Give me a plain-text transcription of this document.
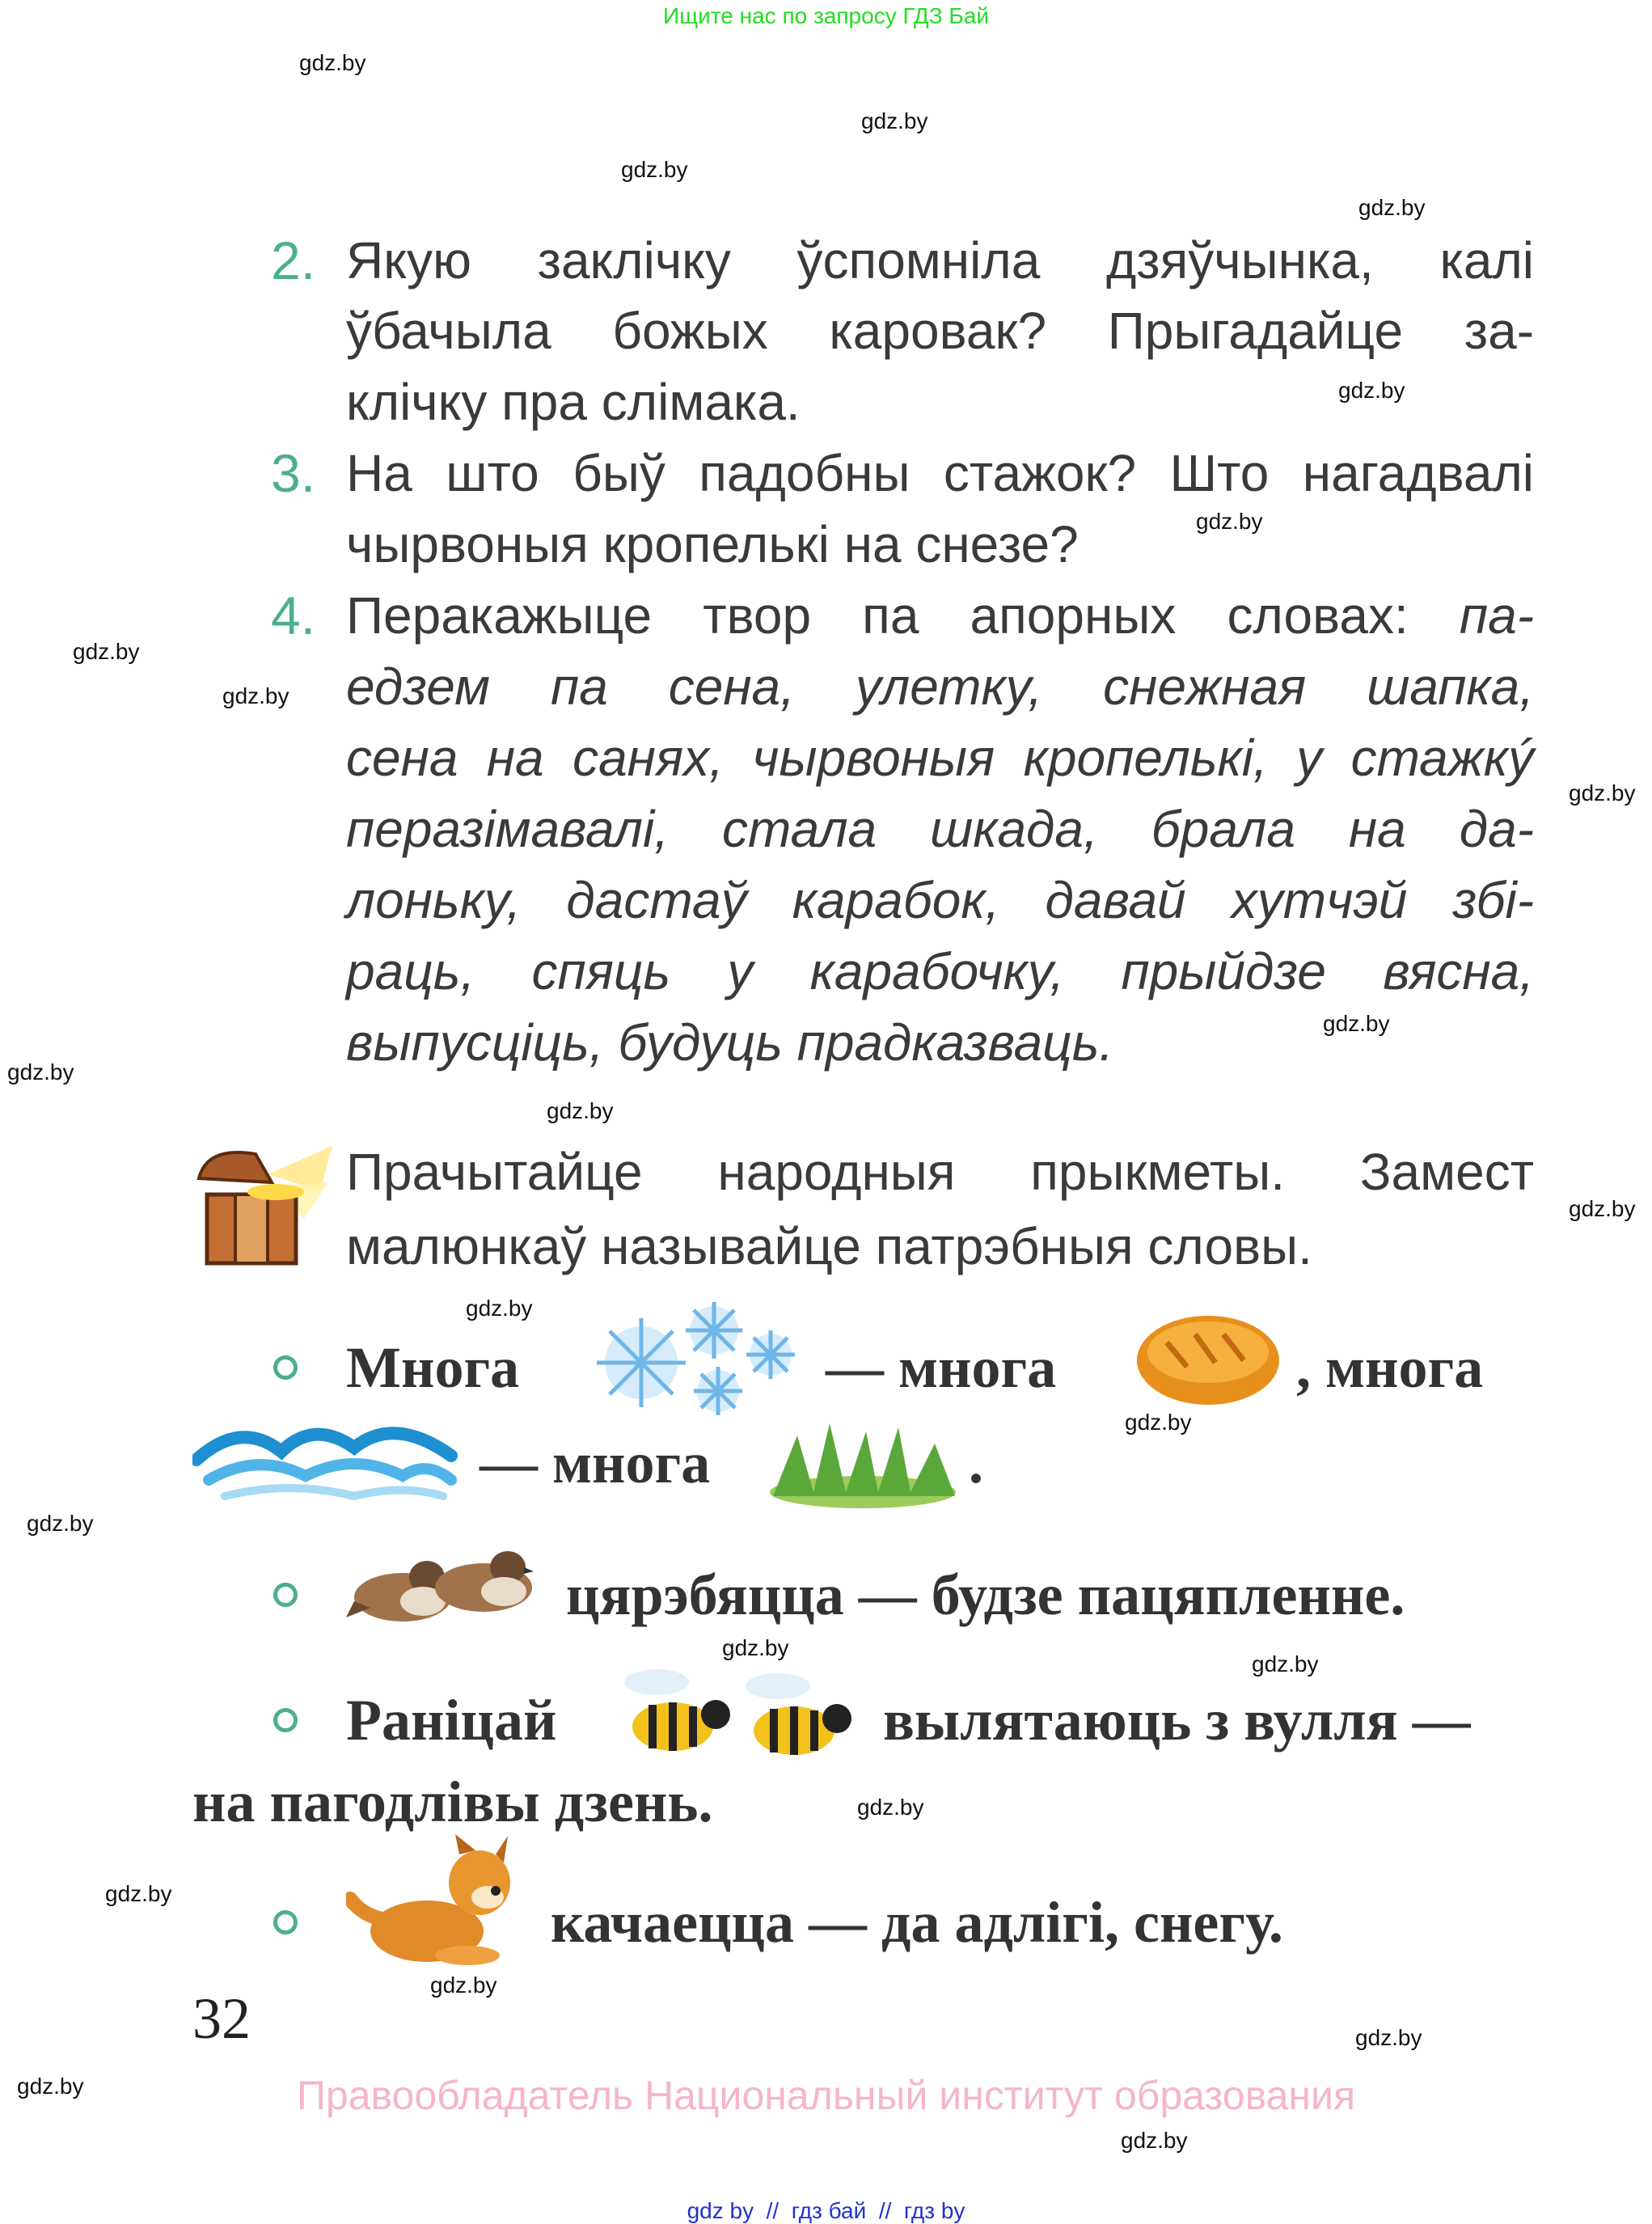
Ищите нас по запросу ГДЗ Бай
gdz.by
gdz.by
gdz.by
gdz.by
gdz.by
gdz.by
gdz.by
gdz.by
gdz.by
gdz.by
gdz.by
gdz.by
gdz.by
gdz.by
gdz.by
gdz.by
gdz.by
gdz.by
gdz.by
gdz.by
gdz.by
gdz.by
gdz.by
gdz.by
2. Якую заклічку ўспомніла дзяўчынка, калі
ўбачыла божых каровак? Прыгадайце за-
клічку пра слімака.
3. На што быў падобны стажок? Што нагадвалі
чырвоныя кропелькі на снезе?
4. Перакажыце твор па апорных словах: па-
едзем па сена, улетку, снежная шапка,
сена на санях, чырвоныя кропелькі, у стажкý
перазімавалі, стала шкада, брала на да-
лоньку, дастаў карабок, давай хутчэй збі-
раць, спяць у карабочку, прыйдзе вясна,
выпусціць, будуць прадказваць.
Прачытайце народныя прыкметы. Замест
малюнкаў называйце патрэбныя словы.
Многа	— многа	, многа
— многа	.
цярэбяцца — будзе пацяпленне.
Раніцай	вылятаюць з вулля —
на пагодлівы дзень.
качаецца — да адлігі, снегу.
32
Правообладатель Национальный институт образования
gdz by  //  гдз бай  //  гдз by
